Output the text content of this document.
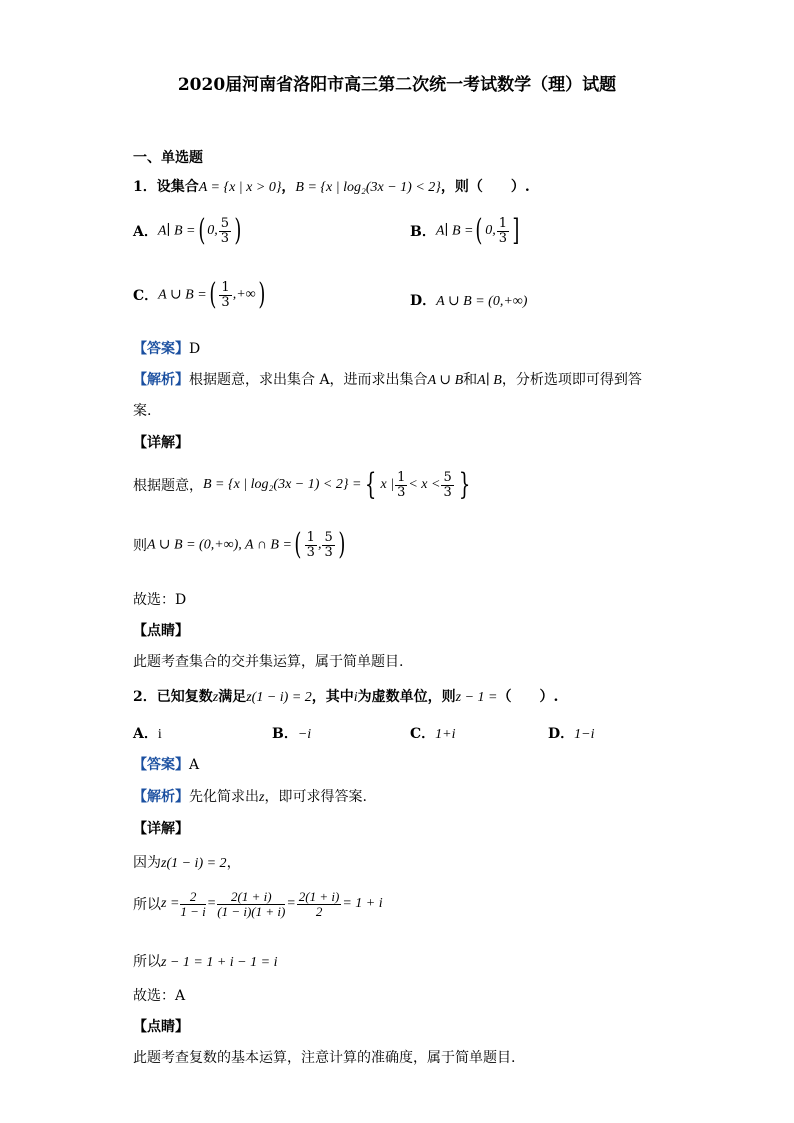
2020届河南省洛阳市高三第二次统一考试数学（理）试题
一、单选题
1．设集合A = {x | x > 0}，B = {x | log₂(3x − 1) < 2}，则（　　）.
A．A∣ B =( 0, $\frac{5}{3}$ )	B．A∣ B =( 0, $\frac{1}{3}$ ]
C．A ∪ B =( $\frac{1}{3}$ ,+∞)	D．A ∪ B = (0,+∞)
【答案】D
【解析】根据题意，求出集合 A，进而求出集合A ∪ B和A∣ B，分析选项即可得到答
案.
【详解】
根据题意，B = {x | log₂(3x − 1) < 2} = { x | $\frac{1}{3} < x < \frac{5}{3}$ }
则A ∪ B = (0,+∞), A ∩ B =( $\frac{1}{3}$ , $\frac{5}{3}$ )
故选：D
【点睛】
此题考查集合的交并集运算，属于简单题目.
2．已知复数z满足z(1 − i) = 2，其中i为虚数单位，则z − 1 =（　　）.
A．i	B．−i	C．1+i	D．1−i
【答案】A
【解析】先化简求出z，即可求得答案.
【详解】
因为z(1 − i) = 2，
所以$z = \frac{2}{1 - i} = \frac{2(1 + i)}{(1 - i)(1 + i)} = \frac{2(1 + i)}{2} = 1 + i$
所以z − 1 = 1 + i − 1 = i
故选：A
【点睛】
此题考查复数的基本运算，注意计算的准确度，属于简单题目.
